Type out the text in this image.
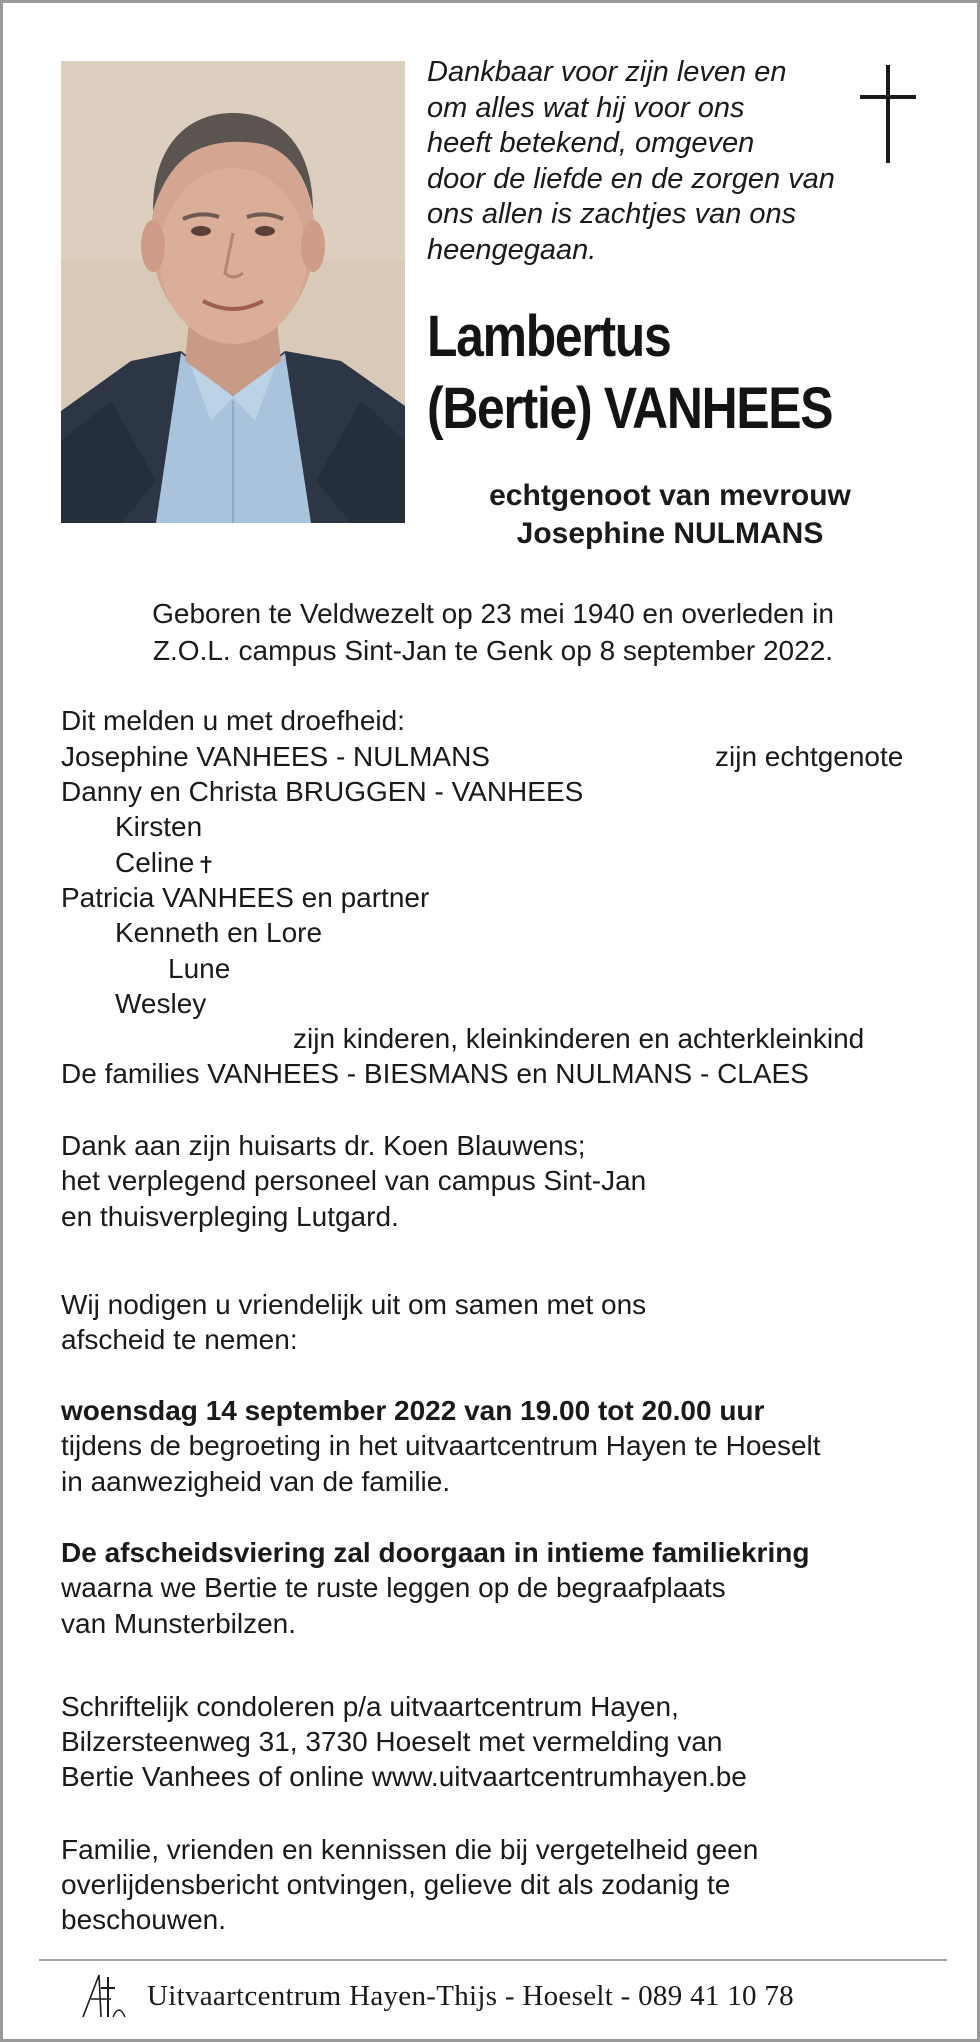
Dankbaar voor zijn leven en
om alles wat hij voor ons
heeft betekend, omgeven
door de liefde en de zorgen van
ons allen is zachtjes van ons
heengegaan.
Lambertus
(Bertie) VANHEES
echtgenoot van mevrouw
Josephine NULMANS
Geboren te Veldwezelt op 23 mei 1940 en overleden in
Z.O.L. campus Sint-Jan te Genk op 8 september 2022.
Dit melden u met droefheid:
Josephine VANHEES - NULMANS	zijn echtgenote
Danny en Christa BRUGGEN - VANHEES
Kirsten
Celine
Patricia VANHEES en partner
Kenneth en Lore
Lune
Wesley
zijn kinderen, kleinkinderen en achterkleinkind
De families VANHEES - BIESMANS en NULMANS - CLAES
Dank aan zijn huisarts dr. Koen Blauwens;
het verplegend personeel van campus Sint-Jan
en thuisverpleging Lutgard.
Wij nodigen u vriendelijk uit om samen met ons
afscheid te nemen:
woensdag 14 september 2022 van 19.00 tot 20.00 uur
tijdens de begroeting in het uitvaartcentrum Hayen te Hoeselt
in aanwezigheid van de familie.
De afscheidsviering zal doorgaan in intieme familiekring
waarna we Bertie te ruste leggen op de begraafplaats
van Munsterbilzen.
Schriftelijk condoleren p/a uitvaartcentrum Hayen,
Bilzersteenweg 31, 3730 Hoeselt met vermelding van
Bertie Vanhees of online www.uitvaartcentrumhayen.be
Familie, vrienden en kennissen die bij vergetelheid geen
overlijdensbericht ontvingen, gelieve dit als zodanig te
beschouwen.
Uitvaartcentrum Hayen-Thijs - Hoeselt - 089 41 10 78
